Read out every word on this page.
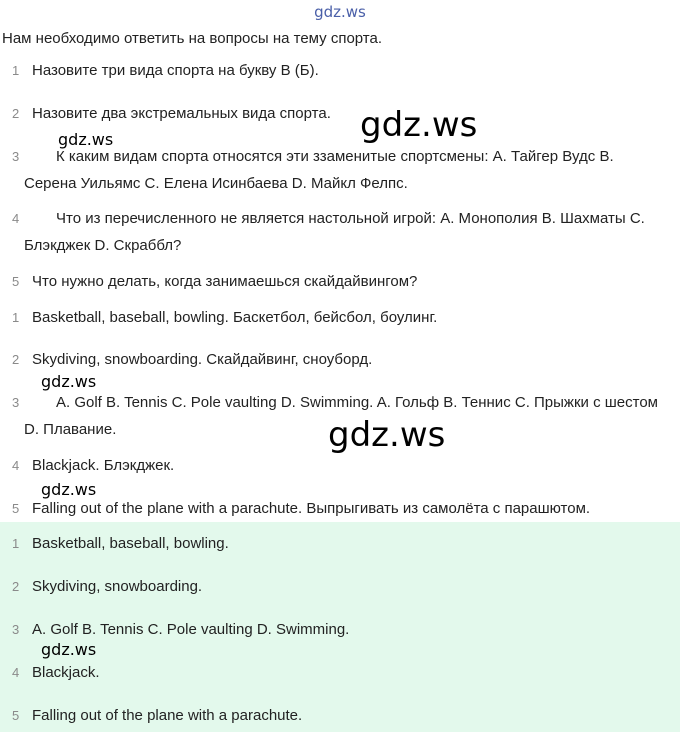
gdz.ws
Нам необходимо ответить на вопросы на тему спорта.
1 Назовите три вида спорта на букву B (Б).
2 Назовите два экстремальных вида спорта.
3	К каким видам спорта относятся эти ззаменитые спортсмены: A. Тайгер Вудс B. Серена Уильямс C. Елена Исинбаева D. Майкл Фелпс.
4	Что из перечисленного не является настольной игрой: A. Монополия B. Шахматы C. Блэкджек D. Скраббл?
5 Что нужно делать, когда занимаешься скайдайвингом?
1 Basketball, baseball, bowling. Баскетбол, бейсбол, боулинг.
2 Skydiving, snowboarding. Скайдайвинг, сноуборд.
3	A. Golf B. Tennis C. Pole vaulting D. Swimming. A. Гольф B. Теннис C. Прыжки с шестом D. Плавание.
4 Blackjack. Блэкджек.
5 Falling out of the plane with a parachute. Выпрыгивать из самолёта с парашютом.
1 Basketball, baseball, bowling.
2 Skydiving, snowboarding.
3 A. Golf B. Tennis C. Pole vaulting D. Swimming.
4 Blackjack.
5 Falling out of the plane with a parachute.
gdz.ws
gdz.ws
gdz.ws
gdz.ws
gdz.ws
gdz.ws
